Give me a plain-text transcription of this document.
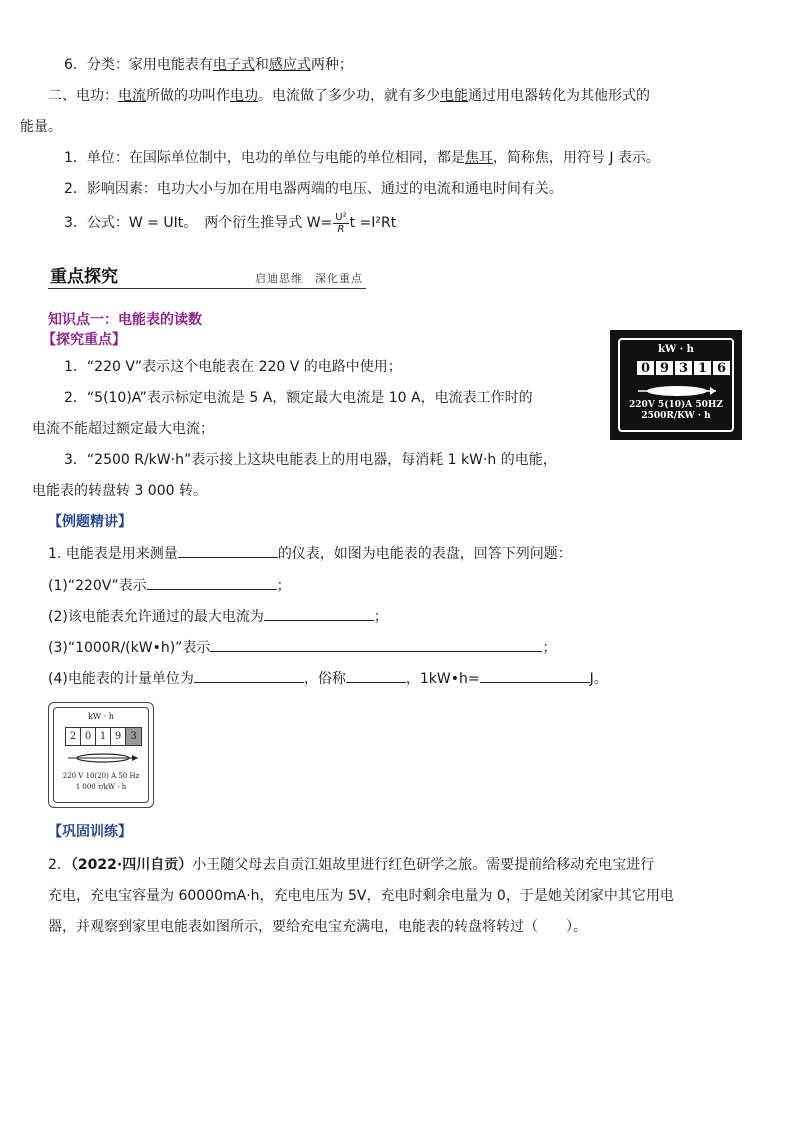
6．分类：家用电能表有电子式和感应式两种；
二、电功：电流所做的功叫作电功。电流做了多少功，就有多少电能通过用电器转化为其他形式的
能量。
1．单位：在国际单位制中，电功的单位与电能的单位相同，都是焦耳，简称焦，用符号 J 表示。
2．影响因素：电功大小与加在用电器两端的电压、通过的电流和通电时间有关。
3．公式：W = UIt。　两个衍生推导式 $W= \frac{\text{U²}}{R}$ t =I²Rt
重点探究	启迪思维　深化重点
知识点一：电能表的读数
【探究重点】
1．“220 V”表示这个电能表在 220 V 的电路中使用；
2．“5(10)A”表示标定电流是 5 A，额定最大电流是 10 A，电流表工作时的
电流不能超过额定最大电流；
3．“2500 R/kW·h”表示接上这块电能表上的用电器，每消耗 1 kW·h 的电能，
电能表的转盘转 3 000 转。
kW · h
0 9 3 1 6
220V 5(10)A 50HZ
2500R/KW · h
【例题精讲】
1. 电能表是用来测量	的仪表，如图为电能表的表盘，回答下列问题：
(1)“220V”表示	；
(2)该电能表允许通过的最大电流为	；
(3)“1000R/(kW•h)”表示	；
(4)电能表的计量单位为	，俗称	，1kW•h=	J。
kW · h
2 0 1 9 3
220 V 10(20) A 50 Hz
1 000 r/kW · h
【巩固训练】
2．（2022·四川自贡）小王随父母去自贡江姐故里进行红色研学之旅。需要提前给移动充电宝进行
充电，充电宝容量为 60000mA·h，充电电压为 5V，充电时剩余电量为 0，于是她关闭家中其它用电
器，并观察到家里电能表如图所示，要给充电宝充满电，电能表的转盘将转过（　　）。
